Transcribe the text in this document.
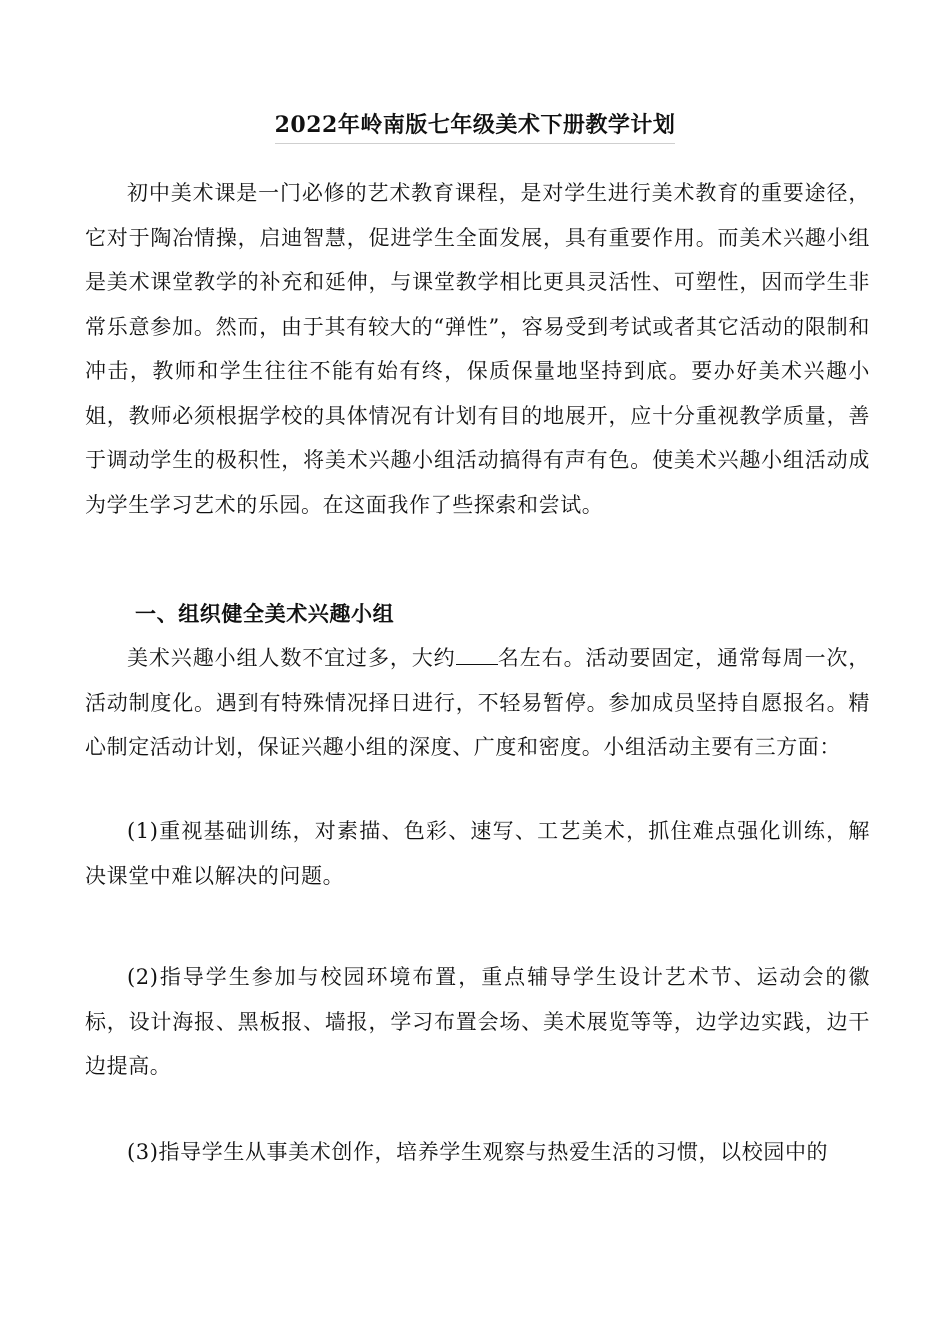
2022年岭南版七年级美术下册教学计划
初中美术课是一门必修的艺术教育课程，是对学生进行美术教育的重要途径，它对于陶冶情操，启迪智慧，促进学生全面发展，具有重要作用。而美术兴趣小组是美术课堂教学的补充和延伸，与课堂教学相比更具灵活性、可塑性，因而学生非常乐意参加。然而，由于其有较大的“弹性”，容易受到考试或者其它活动的限制和冲击，教师和学生往往不能有始有终，保质保量地坚持到底。要办好美术兴趣小姐，教师必须根据学校的具体情况有计划有目的地展开，应十分重视教学质量，善于调动学生的极积性，将美术兴趣小组活动搞得有声有色。使美术兴趣小组活动成为学生学习艺术的乐园。在这面我作了些探索和尝试。
一、组织健全美术兴趣小组
美术兴趣小组人数不宜过多，大约 名左右。活动要固定，通常每周一次，活动制度化。遇到有特殊情况择日进行，不轻易暂停。参加成员坚持自愿报名。精心制定活动计划，保证兴趣小组的深度、广度和密度。小组活动主要有三方面：
(1)重视基础训练，对素描、色彩、速写、工艺美术，抓住难点强化训练，解决课堂中难以解决的问题。
(2)指导学生参加与校园环境布置，重点辅导学生设计艺术节、运动会的徽标，设计海报、黑板报、墙报，学习布置会场、美术展览等等，边学边实践，边干边提高。
(3)指导学生从事美术创作，培养学生观察与热爱生活的习惯，以校园中的
